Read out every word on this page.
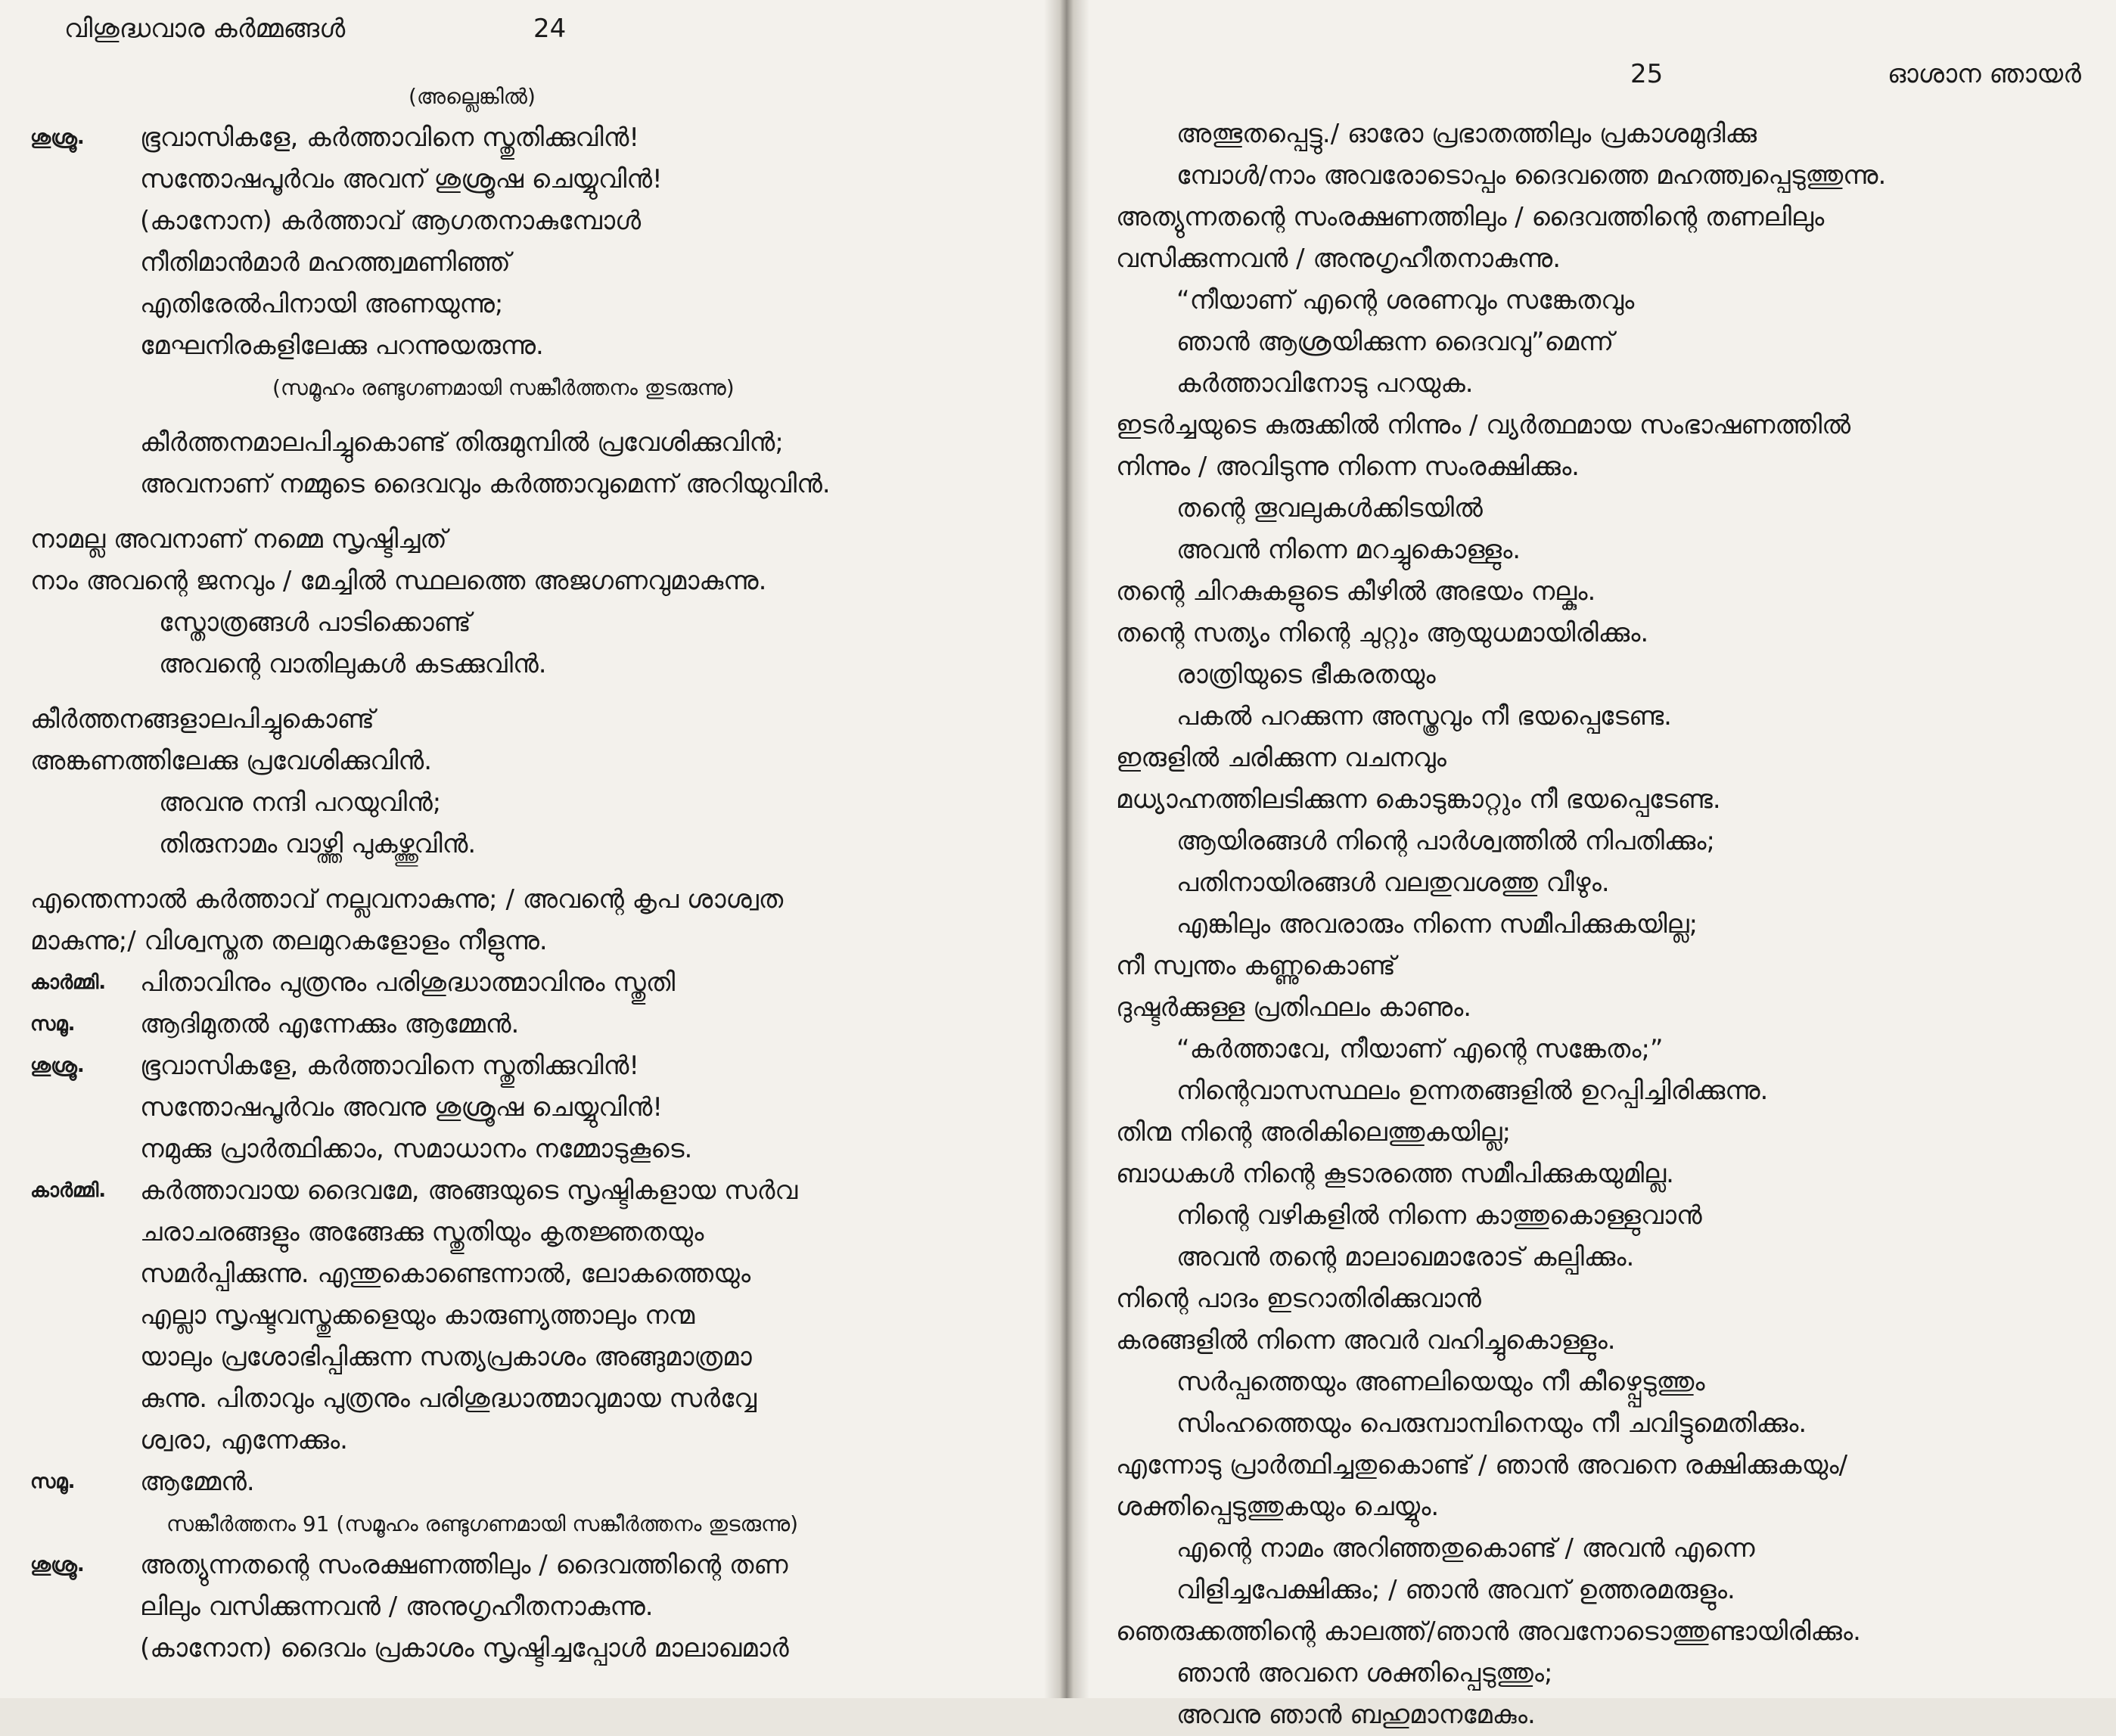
വിശുദ്ധവാര കർമ്മങ്ങൾ	24
(അല്ലെങ്കിൽ)
ശുശ്രൂ. ഭൂവാസികളേ, കർത്താവിനെ സ്തുതിക്കുവിൻ!
സന്തോഷപൂർവം അവന് ശുശ്രൂഷ ചെയ്യുവിൻ!
(കാനോന) കർത്താവ് ആഗതനാകുമ്പോൾ
നീതിമാൻമാർ മഹത്ത്വമണിഞ്ഞ്
എതിരേൽപിനായി അണയുന്നു;
മേഘനിരകളിലേക്കു പറന്നുയരുന്നു.
(സമൂഹം രണ്ടുഗണമായി സങ്കീർത്തനം തുടരുന്നു)
കീർത്തനമാലപിച്ചുകൊണ്ട് തിരുമുമ്പിൽ പ്രവേശിക്കുവിൻ;
അവനാണ് നമ്മുടെ ദൈവവും കർത്താവുമെന്ന് അറിയുവിൻ.
നാമല്ല അവനാണ് നമ്മെ സൃഷ്ടിച്ചത്
നാം അവന്റെ ജനവും / മേച്ചിൽ സ്ഥലത്തെ അജഗണവുമാകുന്നു.
സ്തോത്രങ്ങൾ പാടിക്കൊണ്ട്
അവന്റെ വാതിലുകൾ കടക്കുവിൻ.
കീർത്തനങ്ങളാലപിച്ചുകൊണ്ട്
അങ്കണത്തിലേക്കു പ്രവേശിക്കുവിൻ.
അവനു നന്ദി പറയുവിൻ;
തിരുനാമം വാഴ്ത്തി പുകഴ്ത്തുവിൻ.
എന്തെന്നാൽ കർത്താവ് നല്ലവനാകുന്നു; / അവന്റെ കൃപ ശാശ്വത
മാകുന്നു;/ വിശ്വസ്തത തലമുറകളോളം നീളുന്നു.
കാർമ്മി. പിതാവിനും പുത്രനും പരിശുദ്ധാത്മാവിനും സ്തുതി
സമൂ.	ആദിമുതൽ എന്നേക്കും ആമ്മേൻ.
ശുശ്രൂ. ഭൂവാസികളേ, കർത്താവിനെ സ്തുതിക്കുവിൻ!
സന്തോഷപൂർവം അവനു ശുശ്രൂഷ ചെയ്യുവിൻ!
നമുക്കു പ്രാർത്ഥിക്കാം, സമാധാനം നമ്മോടുകൂടെ.
കാർമ്മി. കർത്താവായ ദൈവമേ, അങ്ങയുടെ സൃഷ്ടികളായ സർവ
ചരാചരങ്ങളും അങ്ങേക്കു സ്തുതിയും കൃതജ്ഞതയും
സമർപ്പിക്കുന്നു. എന്തുകൊണ്ടെന്നാൽ, ലോകത്തെയും
എല്ലാ സൃഷ്ടവസ്തുക്കളെയും കാരുണ്യത്താലും നന്മ
യാലും പ്രശോഭിപ്പിക്കുന്ന സത്യപ്രകാശം അങ്ങുമാത്രമാ
കുന്നു. പിതാവും പുത്രനും പരിശുദ്ധാത്മാവുമായ സർവ്വേ
ശ്വരാ, എന്നേക്കും.
സമൂ.	ആമ്മേൻ.
സങ്കീർത്തനം 91 (സമൂഹം രണ്ടുഗണമായി സങ്കീർത്തനം തുടരുന്നു)
ശുശ്രൂ. അത്യുന്നതന്റെ സംരക്ഷണത്തിലും / ദൈവത്തിന്റെ തണ
ലിലും വസിക്കുന്നവൻ / അനുഗൃഹീതനാകുന്നു.
(കാനോന) ദൈവം പ്രകാശം സൃഷ്ടിച്ചപ്പോൾ മാലാഖമാർ
25	ഓശാന ഞായർ
അത്ഭുതപ്പെട്ടു./ ഓരോ പ്രഭാതത്തിലും പ്രകാശമുദിക്കു
മ്പോൾ/നാം അവരോടൊപ്പം ദൈവത്തെ മഹത്ത്വപ്പെടുത്തുന്നു.
അത്യുന്നതന്റെ സംരക്ഷണത്തിലും / ദൈവത്തിന്റെ തണലിലും
വസിക്കുന്നവൻ / അനുഗൃഹീതനാകുന്നു.
“നീയാണ് എന്റെ ശരണവും സങ്കേതവും
ഞാൻ ആശ്രയിക്കുന്ന ദൈവവു”മെന്ന്
കർത്താവിനോടു പറയുക.
ഇടർച്ചയുടെ കുരുക്കിൽ നിന്നും / വ്യർത്ഥമായ സംഭാഷണത്തിൽ
നിന്നും / അവിടുന്നു നിന്നെ സംരക്ഷിക്കും.
തന്റെ തൂവലുകൾക്കിടയിൽ
അവൻ നിന്നെ മറച്ചുകൊള്ളും.
തന്റെ ചിറകുകളുടെ കീഴിൽ അഭയം നല്കും.
തന്റെ സത്യം നിന്റെ ചുറ്റും ആയുധമായിരിക്കും.
രാത്രിയുടെ ഭീകരതയും
പകൽ പറക്കുന്ന അസ്ത്രവും നീ ഭയപ്പെടേണ്ട.
ഇരുളിൽ ചരിക്കുന്ന വചനവും
മധ്യാഹ്നത്തിലടിക്കുന്ന കൊടുങ്കാറ്റും നീ ഭയപ്പെടേണ്ട.
ആയിരങ്ങൾ നിന്റെ പാർശ്വത്തിൽ നിപതിക്കും;
പതിനായിരങ്ങൾ വലതുവശത്തു വീഴും.
എങ്കിലും അവരാരും നിന്നെ സമീപിക്കുകയില്ല;
നീ സ്വന്തം കണ്ണുകൊണ്ട്
ദുഷ്ടർക്കുള്ള പ്രതിഫലം കാണും.
“കർത്താവേ, നീയാണ് എന്റെ സങ്കേതം;”
നിന്റെവാസസ്ഥലം ഉന്നതങ്ങളിൽ ഉറപ്പിച്ചിരിക്കുന്നു.
തിന്മ നിന്റെ അരികിലെത്തുകയില്ല;
ബാധകൾ നിന്റെ കൂടാരത്തെ സമീപിക്കുകയുമില്ല.
നിന്റെ വഴികളിൽ നിന്നെ കാത്തുകൊള്ളുവാൻ
അവൻ തന്റെ മാലാഖമാരോട് കല്പിക്കും.
നിന്റെ പാദം ഇടറാതിരിക്കുവാൻ
കരങ്ങളിൽ നിന്നെ അവർ വഹിച്ചുകൊള്ളും.
സർപ്പത്തെയും അണലിയെയും നീ കീഴ്പ്പെടുത്തും
സിംഹത്തെയും പെരുമ്പാമ്പിനെയും നീ ചവിട്ടുമെതിക്കും.
എന്നോടു പ്രാർത്ഥിച്ചതുകൊണ്ട് / ഞാൻ അവനെ രക്ഷിക്കുകയും/
ശക്തിപ്പെടുത്തുകയും ചെയ്യും.
എന്റെ നാമം അറിഞ്ഞതുകൊണ്ട് / അവൻ എന്നെ
വിളിച്ചപേക്ഷിക്കും; / ഞാൻ അവന് ഉത്തരമരുളും.
ഞെരുക്കത്തിന്റെ കാലത്ത്/ഞാൻ അവനോടൊത്തുണ്ടായിരിക്കും.
ഞാൻ അവനെ ശക്തിപ്പെടുത്തും;
അവനു ഞാൻ ബഹുമാനമേകും.
